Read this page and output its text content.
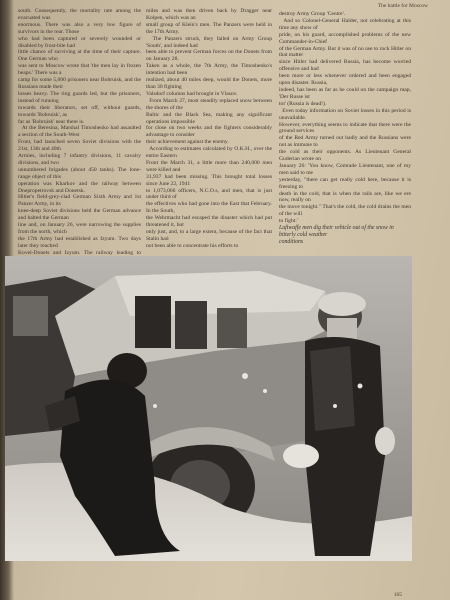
The battle for Moscow
south. Consequently, the mortality rate among the evacuated was
enormous. There was also a very low figure of survivors in the rear. Those
who had been captured or severely wounded or disabled by frost-bite had
little chance of surviving at the time of their capture. One German who
was sent to Moscow wrote that 'the men lay in frozen heaps.' There was a
camp for some 5,000 prisoners near Bobruisk, and the Russians made their
losses heavy. The ring guards led, but the prisoners, instead of running
towards their liberators, set off, without guards, towards 'Bobruisk', as
far as 'Bobruisk' near there is.
At the Beresina, Marshal Timoshenko had assaulted a section of the South-West
Front, had launched seven Soviet divisions with the 21st, 13th and 40th
Armies, including 7 infantry divisions, 11 cavalry divisions, and two
unnumbered brigades (about 450 tanks). The lone-range object of this
operation was Kharkov and the railway between Dnepropetrovsk and Donetsk.
Hitler's field-grey-clad German Sixth Army and 1st Panzer Army, in its
knee-deep Soviet divisions held the German advance and halted the German
line and, on January 26, were narrowing the supplies from the north, which
the 17th Army had established as Izyum. Two days later they reached
Kovel-Donets and Izyum. The railway leading to

miles and was then driven back by Dragger near Kolpen, which was an
small group of Klein's men. The Panzers were held in the 17th Army.
The Panzers struck, they failed on Army Group 'South', and indeed had
been able to prevent German forces on the Donets from on January 28.
Taken as a whole, the 7th Army, the Timoshenko's intention had been
realized, about 40 miles deep, would the Donets, more than 30 fighting
Valsdorf columns had brought in Vlasov.
From March 27, most steadily replaced snow between the shores of the
Baltic and the Black Sea, making any significant operations impossible
for close on two weeks and the fighters considerably advantage to consider
their achievement against the enemy.
According to estimates calculated by O.K.H., over the entire Eastern
Front the March 31, a little more than 240,000 men were killed and
31,937 had been missing. This brought total losses since June 22, 1941
to 1,073,066 officers, N.C.O.s, and men, that is just under third of
the effectives who had gone into the East that February. In the South,
the Wehrmacht had escaped the disaster which had put threatened it, but
only just, and, to a large extent, because of the fact that Stalin had
not been able to concentrate his efforts to
destroy Army Group 'Centre'.
And so Colonel-General Halder, not celebrating at this time any show of
pride, on his guard, accomplished problems of the new Commander-in-Chief
of the German Army. But it was of no use to rock Hitler on that matter
since Hitler had delivered Russia, has become worried offensive and had
been more or less whenever ordered and been engaged upon disaster. Russia,
indeed, has been as far as he could on the campaign map, 'Der Russe ist
tot' (Russia is dead!).
Even today information on Soviet losses in this period is unavailable.
However, everything seems to indicate that there were the ground services
of the Red Army turned out badly and the Russians were not as immune to
the cold as their opponents. As Lieutenant General Guderian wrote on
January 26: 'You know, Comrade Lieutenant, one of my men said to me
yesterday, "there can get really cold here, because it is freezing to
death in the cold, that is when the rails are, like we ere now, really on
the move tonight." That's the cold, the cold drains the men of the will
to fight.'
Luftwaffe men dig their vehicle out of the snow in bitterly cold weather
conditions
165
